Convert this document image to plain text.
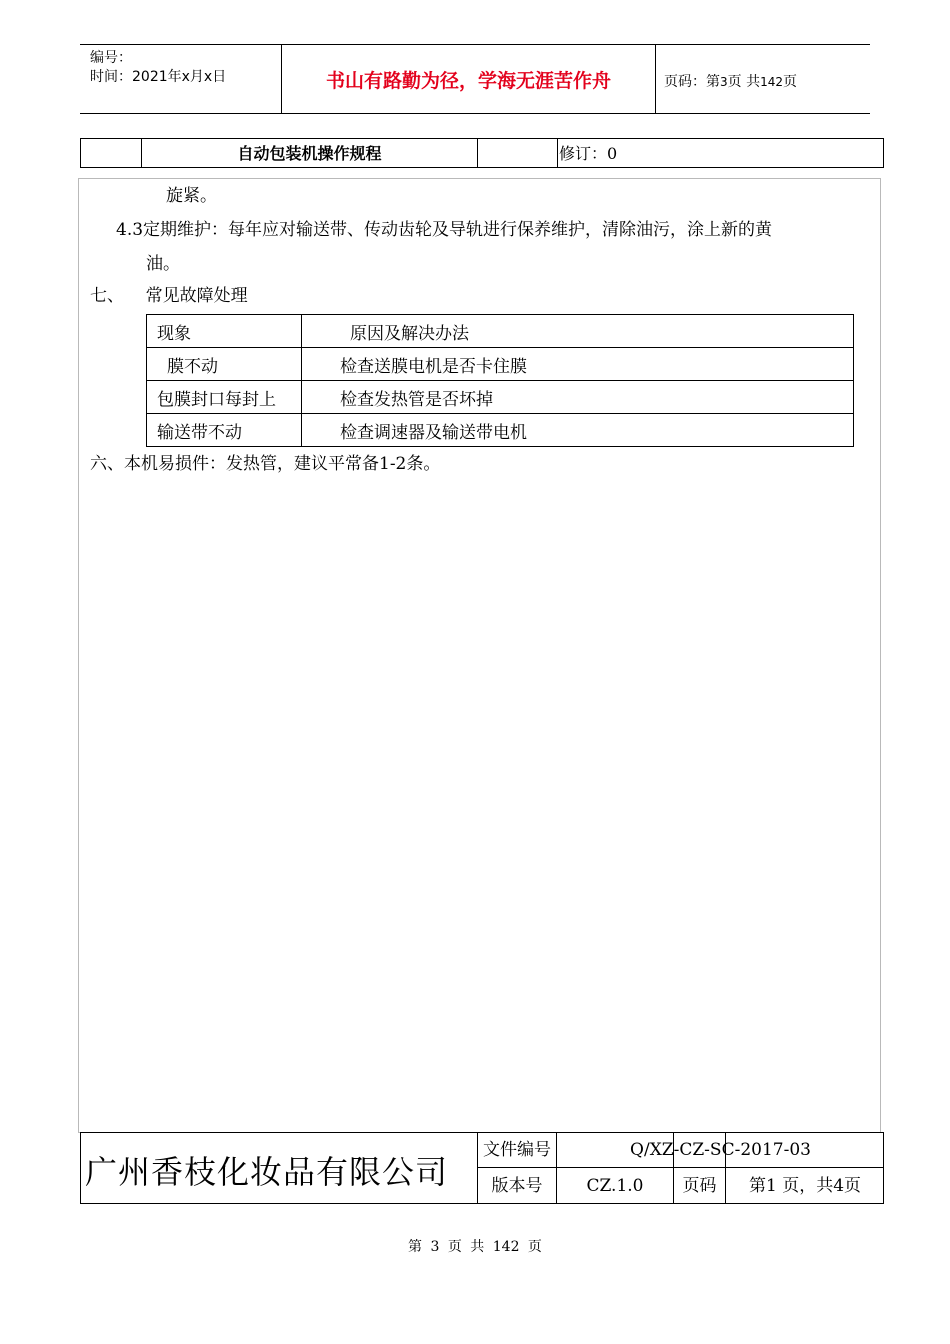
编号：
时间：2021年x月x日	书山有路勤为径，学海无涯苦作舟	页码：第3页 共142页
自动包装机操作规程	修订：0
旋紧。
4.3定期维护：每年应对输送带、传动齿轮及导轨进行保养维护，清除油污，涂上新的黄
油。
七、    常见故障处理
现象	原因及解决办法
膜不动	检查送膜电机是否卡住膜
包膜封口每封上	检查发热管是否坏掉
输送带不动	检查调速器及输送带电机
六、本机易损件：发热管，建议平常备1-2条。
广州香枝化妆品有限公司
文件编号	Q/XZ-CZ-SC-2017-03
版本号	CZ.1.0	页码	第1 页，共4页
第 3 页 共 142 页
